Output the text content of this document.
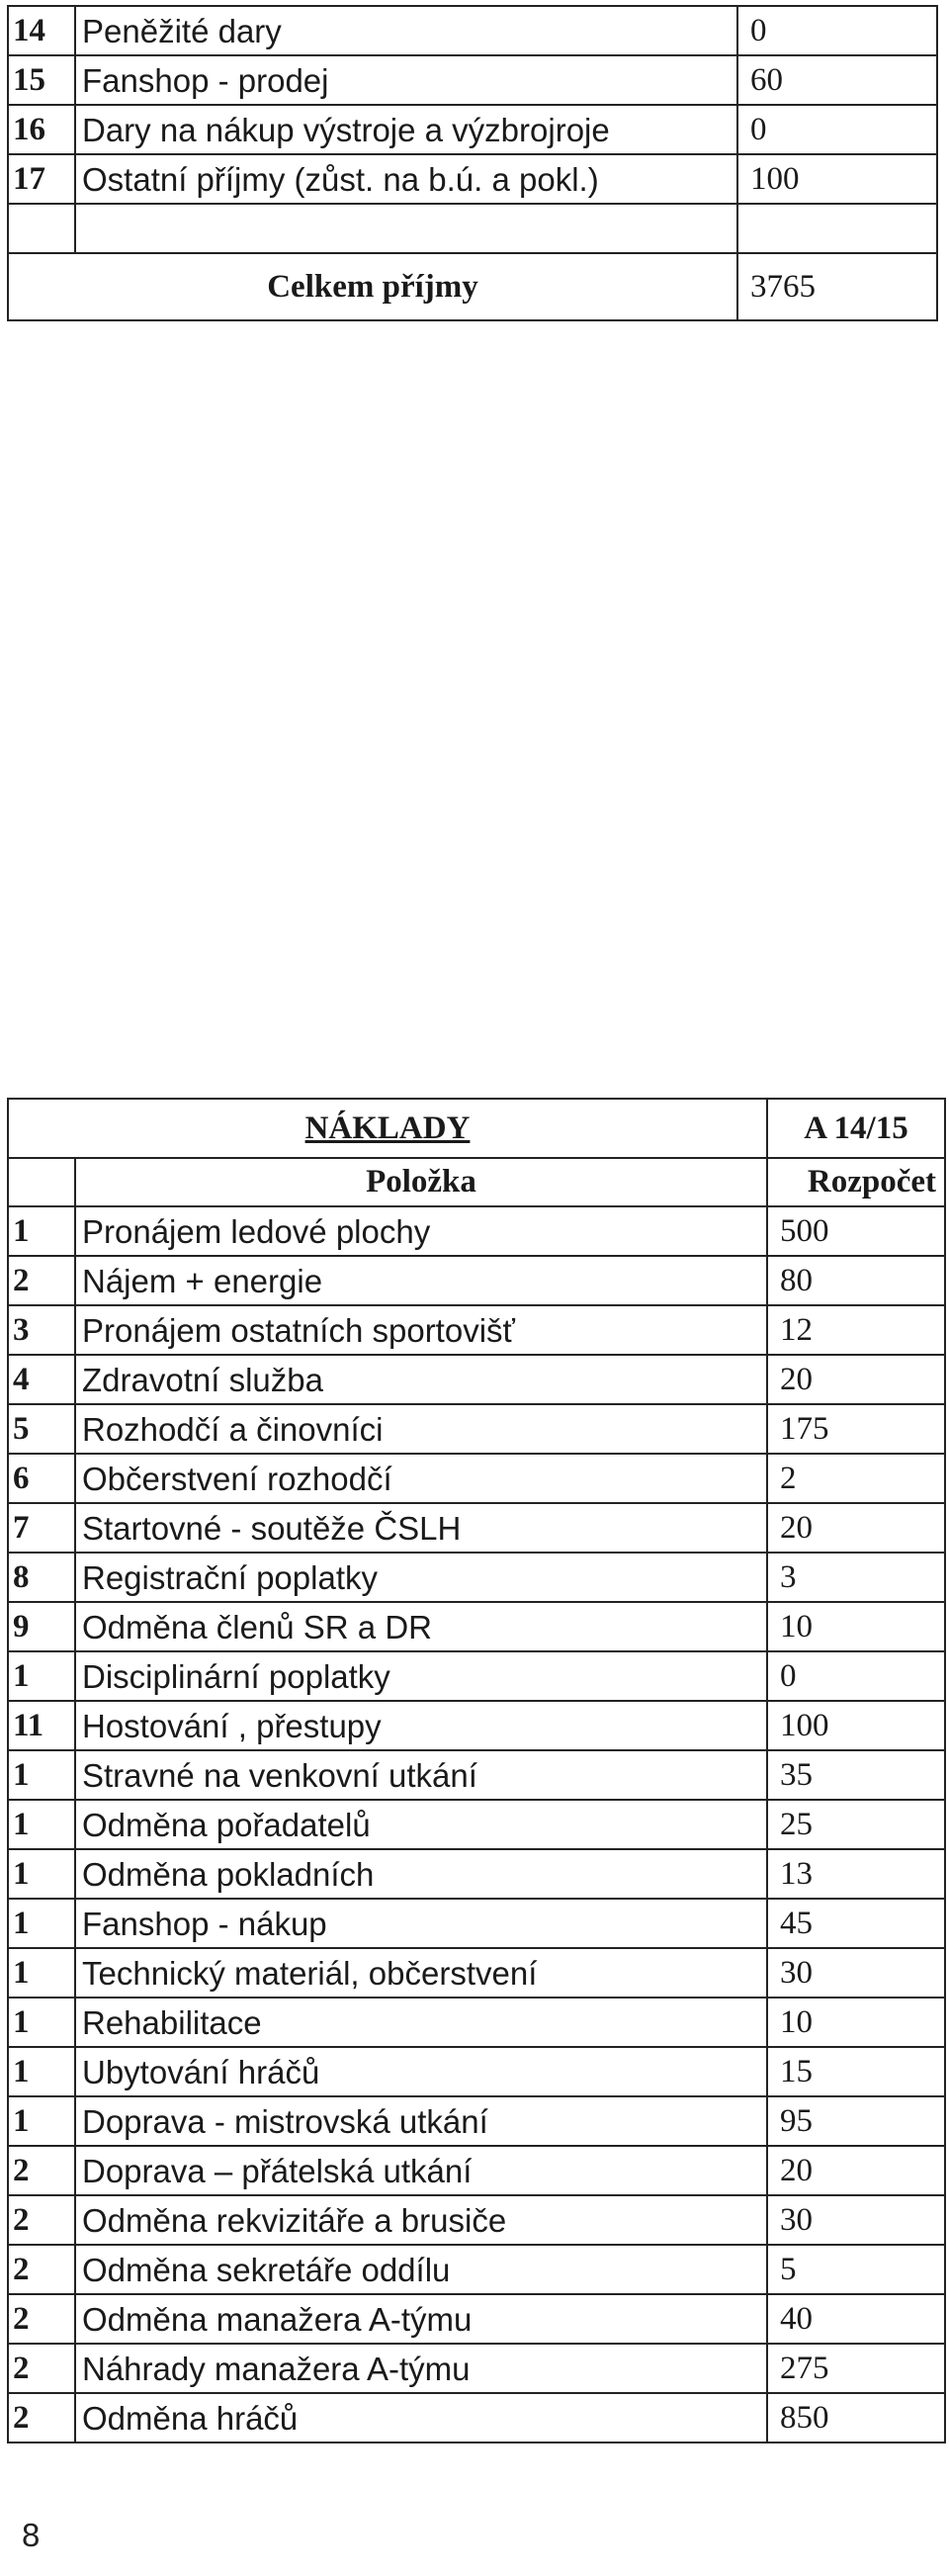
14	Peněžité dary	0
15	Fanshop - prodej	60
16	Dary na nákup výstroje a výzbrojroje	0
17	Ostatní příjmy (zůst. na b.ú. a pokl.)	100

Celkem příjmy		3765
NÁKLADY		A 14/15
	Položka	Rozpočet
1	Pronájem ledové plochy	500
2	Nájem + energie	80
3	Pronájem ostatních sportovišť	12
4	Zdravotní služba	20
5	Rozhodčí a činovníci	175
6	Občerstvení rozhodčí	2
7	Startovné - soutěže ČSLH	20
8	Registrační poplatky	3
9	Odměna členů SR a DR	10
1	Disciplinární poplatky	0
11	Hostování , přestupy	100
1	Stravné na venkovní utkání	35
1	Odměna pořadatelů	25
1	Odměna pokladních	13
1	Fanshop - nákup	45
1	Technický materiál, občerstvení	30
1	Rehabilitace	10
1	Ubytování hráčů	15
1	Doprava - mistrovská utkání	95
2	Doprava – přátelská utkání	20
2	Odměna rekvizitáře a brusiče	30
2	Odměna sekretáře oddílu	5
2	Odměna manažera A-týmu	40
2	Náhrady manažera A-týmu	275
2	Odměna hráčů	850
8
